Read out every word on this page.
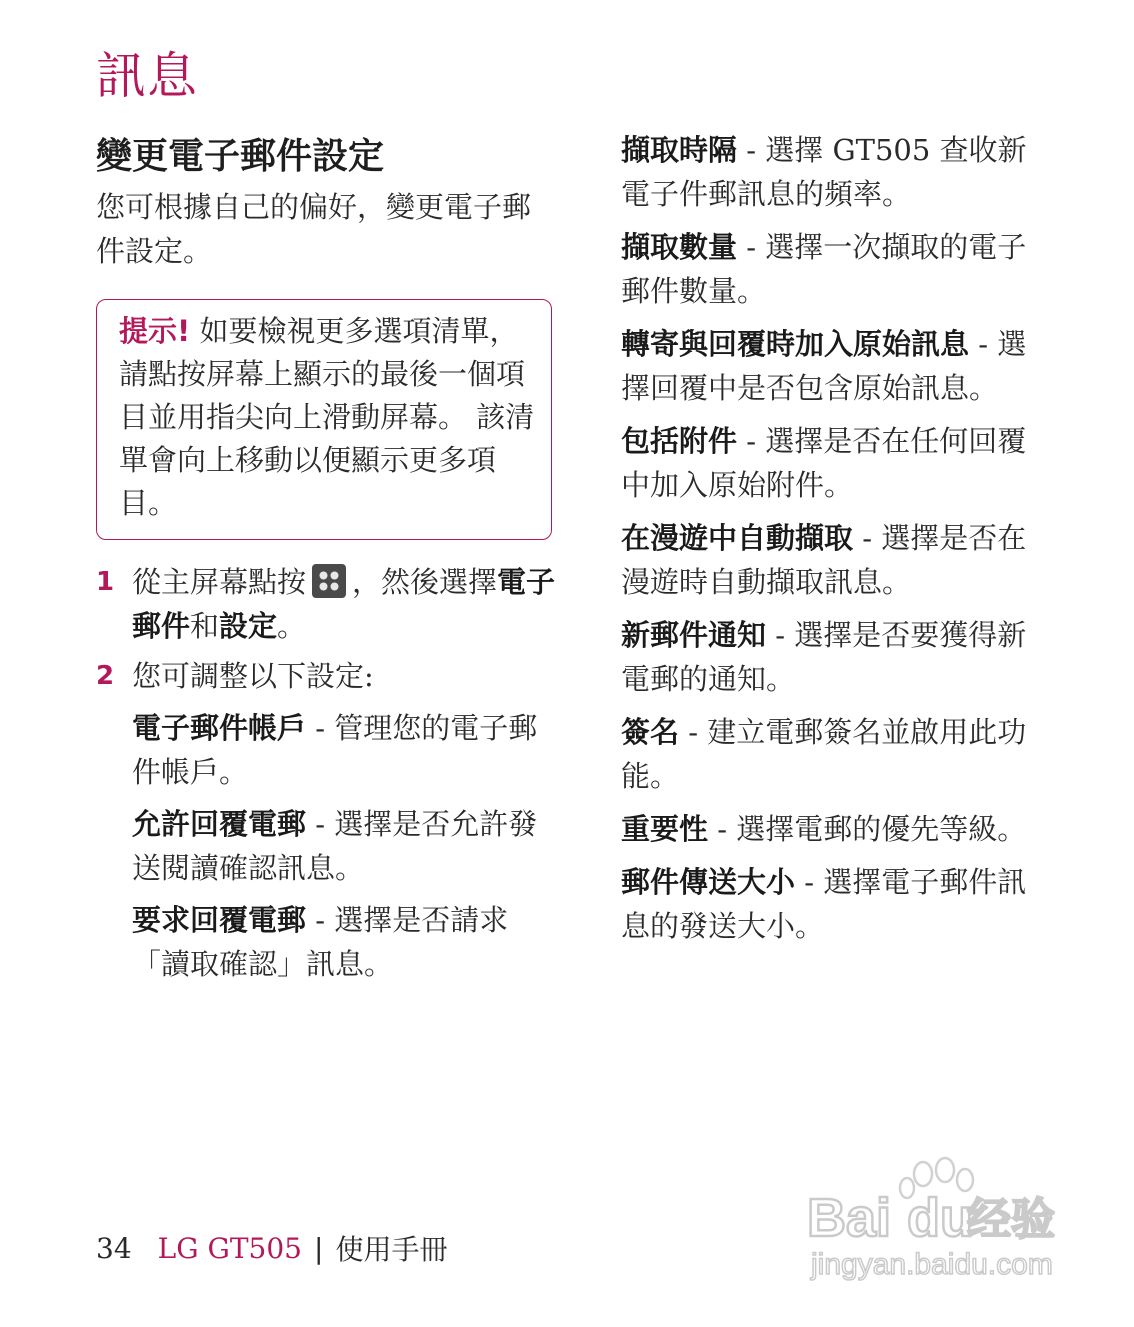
訊息
變更電子郵件設定

您可根據自己的偏好，變更電子郵件設定。

提示! 如要檢視更多選項清單，請點按屏幕上顯示的最後一個項目並用指尖向上滑動屏幕。 該清單會向上移動以便顯示更多項目。
1 從主屏幕點按 ，然後選擇電子郵件和設定。
2 您可調整以下設定:

電子郵件帳戶 - 管理您的電子郵件帳戶。

允許回覆電郵 - 選擇是否允許發送閱讀確認訊息。

要求回覆電郵 - 選擇是否請求「讀取確認」訊息。

擷取時隔 - 選擇 GT505 查收新電子件郵訊息的頻率。

擷取數量 - 選擇一次擷取的電子郵件數量。

轉寄與回覆時加入原始訊息 - 選擇回覆中是否包含原始訊息。

包括附件 - 選擇是否在任何回覆中加入原始附件。

在漫遊中自動擷取 - 選擇是否在漫遊時自動擷取訊息。

新郵件通知 - 選擇是否要獲得新電郵的通知。

簽名 - 建立電郵簽名並啟用此功能。

重要性 - 選擇電郵的優先等級。

郵件傳送大小 - 選擇電子郵件訊息的發送大小。

34 LG GT505 | 使用手冊
Bai du
经验
jingyan.baidu.com
